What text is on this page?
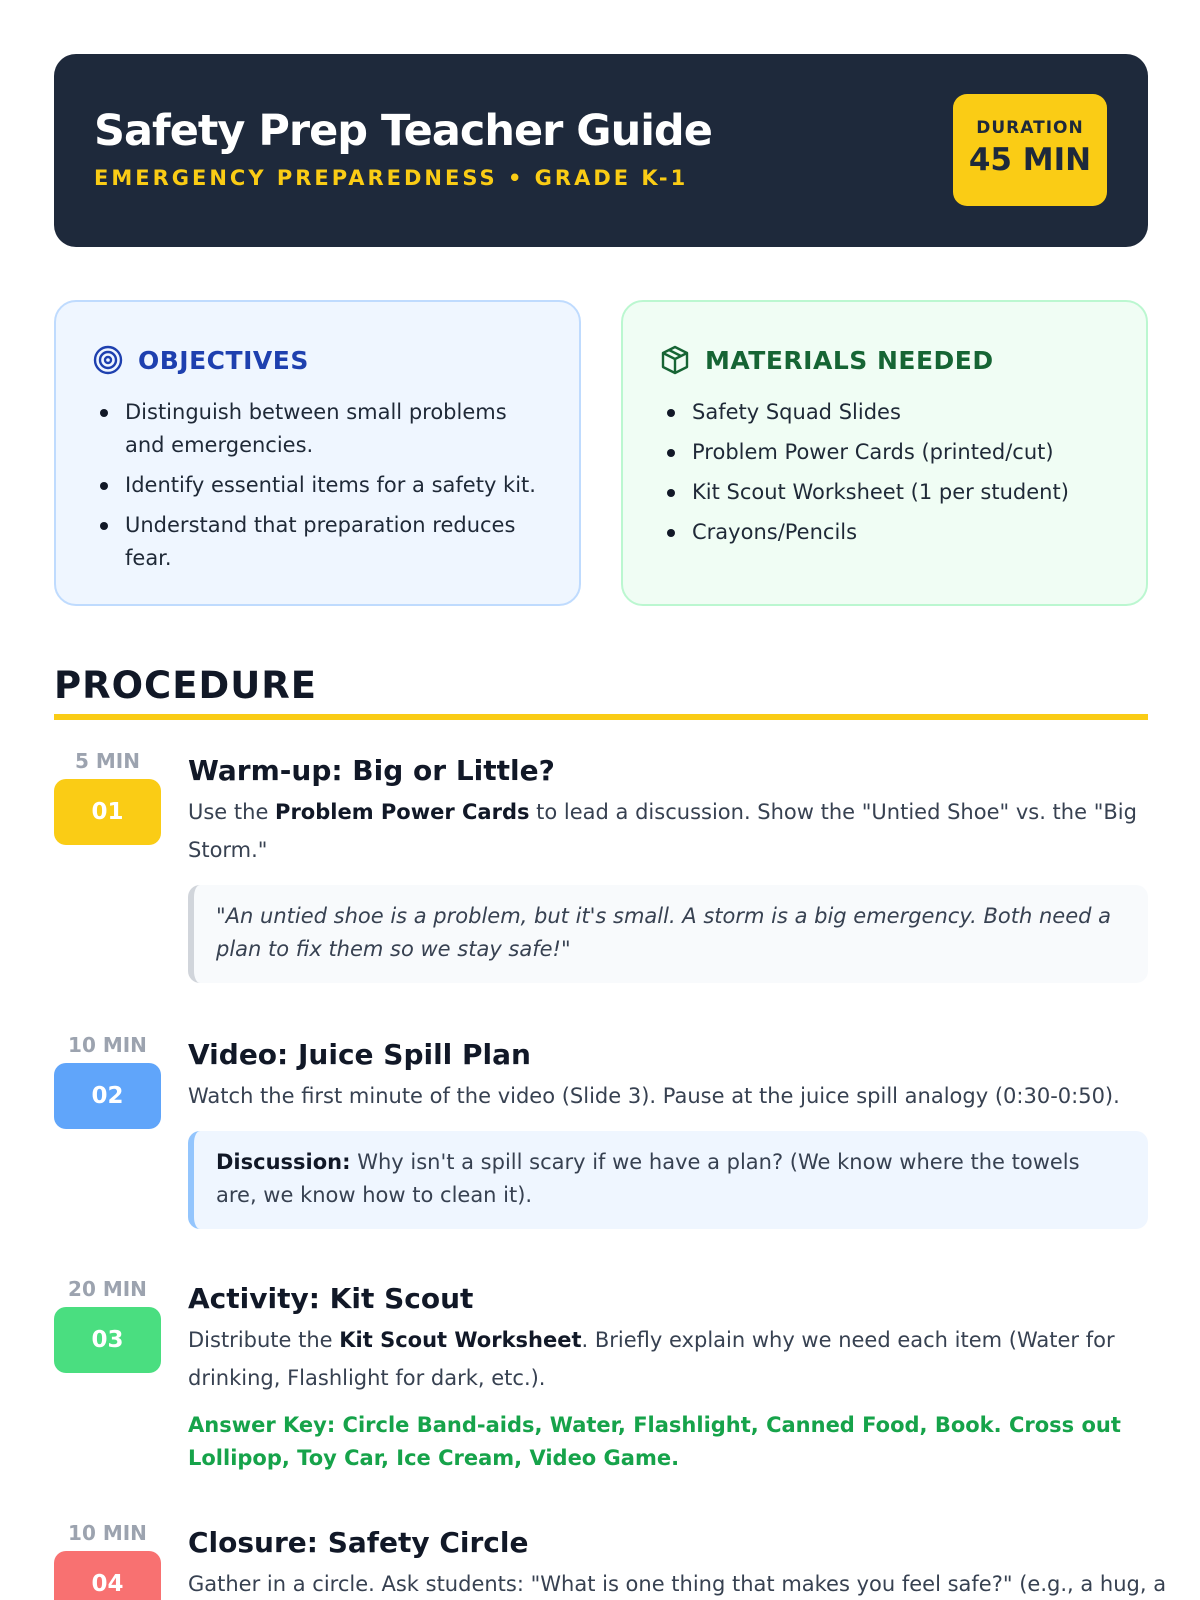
Safety Prep Teacher Guide
EMERGENCY PREPAREDNESS • GRADE K-1
DURATION
45 MIN
OBJECTIVES
Distinguish between small problems and emergencies.
Identify essential items for a safety kit.
Understand that preparation reduces fear.
MATERIALS NEEDED
Safety Squad Slides
Problem Power Cards (printed/cut)
Kit Scout Worksheet (1 per student)
Crayons/Pencils
PROCEDURE
5 MIN
01
Warm-up: Big or Little?
Use the Problem Power Cards to lead a discussion. Show the "Untied Shoe" vs. the "Big Storm."
"An untied shoe is a problem, but it's small. A storm is a big emergency. Both need a plan to fix them so we stay safe!"
10 MIN
02
Video: Juice Spill Plan
Watch the first minute of the video (Slide 3). Pause at the juice spill analogy (0:30-0:50).
Discussion: Why isn't a spill scary if we have a plan? (We know where the towels are, we know how to clean it).
20 MIN
03
Activity: Kit Scout
Distribute the Kit Scout Worksheet. Briefly explain why we need each item (Water for drinking, Flashlight for dark, etc.).
Answer Key: Circle Band-aids, Water, Flashlight, Canned Food, Book. Cross out Lollipop, Toy Car, Ice Cream, Video Game.
10 MIN
04
Closure: Safety Circle
Gather in a circle. Ask students: "What is one thing that makes you feel safe?" (e.g., a hug, a
